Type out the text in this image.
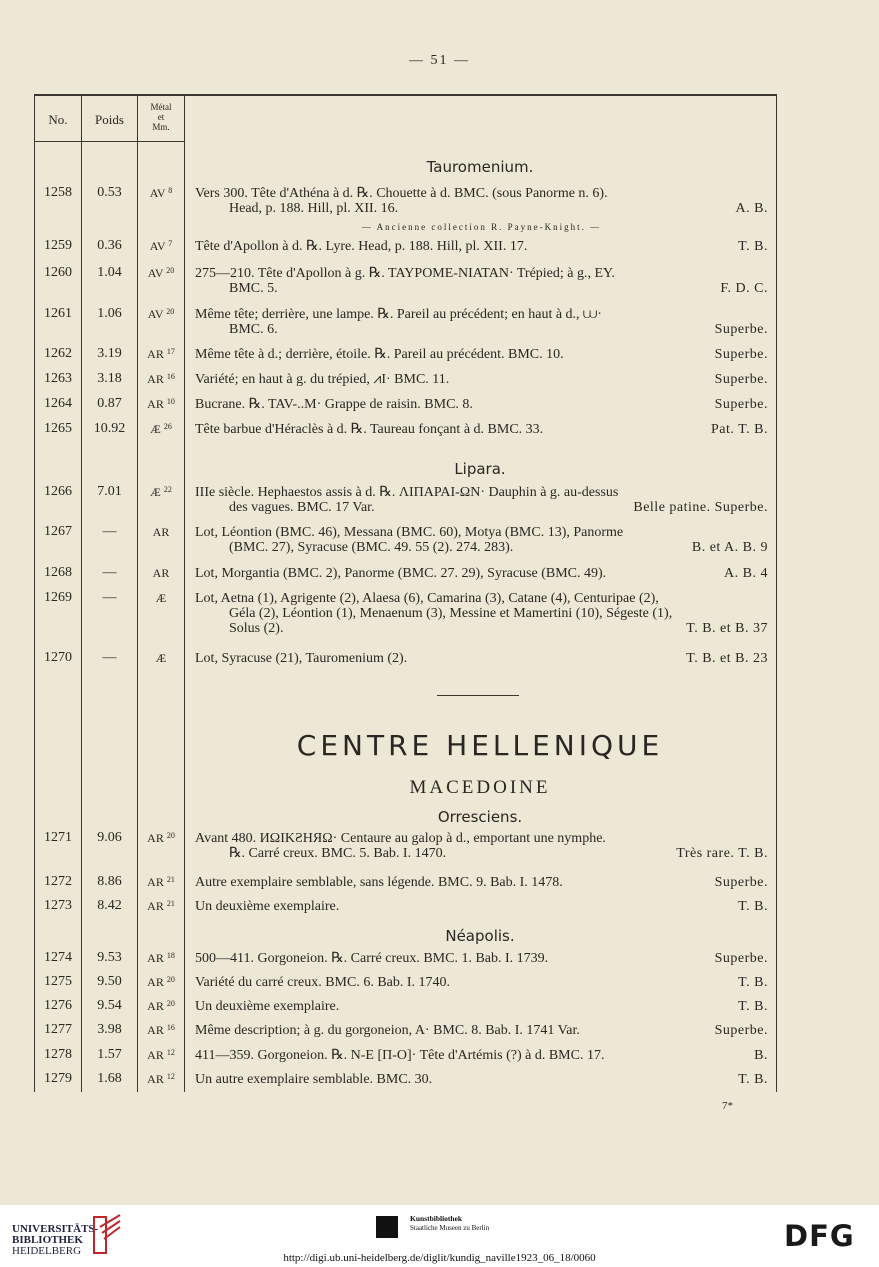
— 51 —
No.	Poids
Métal
et
Mm.
Tauromenium.
— Ancienne collection R. Payne-Knight. —
Lipara.
CENTRE HELLENIQUE
MACEDOINE
Orresciens.
Néapolis.
1258	0.53	AV $^8$	Vers 300. Tête d'Athéna à d. ℞. Chouette à d. BMC. (sous Panorme n. 6).
Head, p. 188. Hill, pl. XII. 16.	A. B.
1259	0.36	AV $^7$	Tête d'Apollon à d. ℞. Lyre. Head, p. 188. Hill, pl. XII. 17.	T. B.
1260	1.04	AV $^{20}$	275—210. Tête d'Apollon à g. ℞. TAYPOME-NIATAN· Trépied; à g., EY.
BMC. 5.	F. D. C.
1261	1.06	AV $^{20}$	Même tête; derrière, une lampe. ℞. Pareil au précédent; en haut à d., ⩊·
BMC. 6.	Superbe.
1262	3.19	AR $^{17}$	Même tête à d.; derrière, étoile. ℞. Pareil au précédent. BMC. 10.	Superbe.
1263	3.18	AR $^{16}$	Variété; en haut à g. du trépied, ⩘I· BMC. 11.	Superbe.
1264	0.87	AR $^{10}$	Bucrane. ℞. TAV-..M· Grappe de raisin. BMC. 8.	Superbe.
1265	10.92	Æ $^{26}$	Tête barbue d'Héraclès à d. ℞. Taureau fonçant à d. BMC. 33.	Pat. T. B.
1266	7.01	Æ $^{22}$	IIIe siècle. Hephaestos assis à d. ℞. ΛΙΠΑΡΑΙ-ΩΝ· Dauphin à g. au-dessus
des vagues. BMC. 17 Var.	Belle patine. Superbe.
1267	—	AR	Lot, Léontion (BMC. 46), Messana (BMC. 60), Motya (BMC. 13), Panorme
(BMC. 27), Syracuse (BMC. 49. 55 (2). 274. 283).	B. et A. B. 9
1268	—	AR	Lot, Morgantia (BMC. 2), Panorme (BMC. 27. 29), Syracuse (BMC. 49).	A. B. 4
1269	—	Æ	Lot, Aetna (1), Agrigente (2), Alaesa (6), Camarina (3), Catane (4), Centuripae (2),
Géla (2), Léontion (1), Menaenum (3), Messine et Mamertini (10), Ségeste (1),
Solus (2).	T. B. et B. 37
1270	—	Æ	Lot, Syracuse (21), Tauromenium (2).	T. B. et B. 23
1271	9.06	AR $^{20}$	Avant 480. ИΩΙΚƧΗЯΩ· Centaure au galop à d., emportant une nymphe.
℞. Carré creux. BMC. 5. Bab. I. 1470.	Très rare. T. B.
1272	8.86	AR $^{21}$	Autre exemplaire semblable, sans légende. BMC. 9. Bab. I. 1478.	Superbe.
1273	8.42	AR $^{21}$	Un deuxième exemplaire.	T. B.
1274	9.53	AR $^{18}$	500—411. Gorgoneion. ℞. Carré creux. BMC. 1. Bab. I. 1739.	Superbe.
1275	9.50	AR $^{20}$	Variété du carré creux. BMC. 6. Bab. I. 1740.	T. B.
1276	9.54	AR $^{20}$	Un deuxième exemplaire.	T. B.
1277	3.98	AR $^{16}$	Même description; à g. du gorgoneion, A· BMC. 8. Bab. I. 1741 Var.	Superbe.
1278	1.57	AR $^{12}$	411—359. Gorgoneion. ℞. N-E [Π-O]· Tête d'Artémis (?) à d. BMC. 17.	B.
1279	1.68	AR $^{12}$	Un autre exemplaire semblable. BMC. 30.	T. B.
7*
UNIVERSITÄTS-
BIBLIOTHEK
HEIDELBERG
Kunstbibliothek
Staatliche Museen zu Berlin	DFG
http://digi.ub.uni-heidelberg.de/diglit/kundig_naville1923_06_18/0060
